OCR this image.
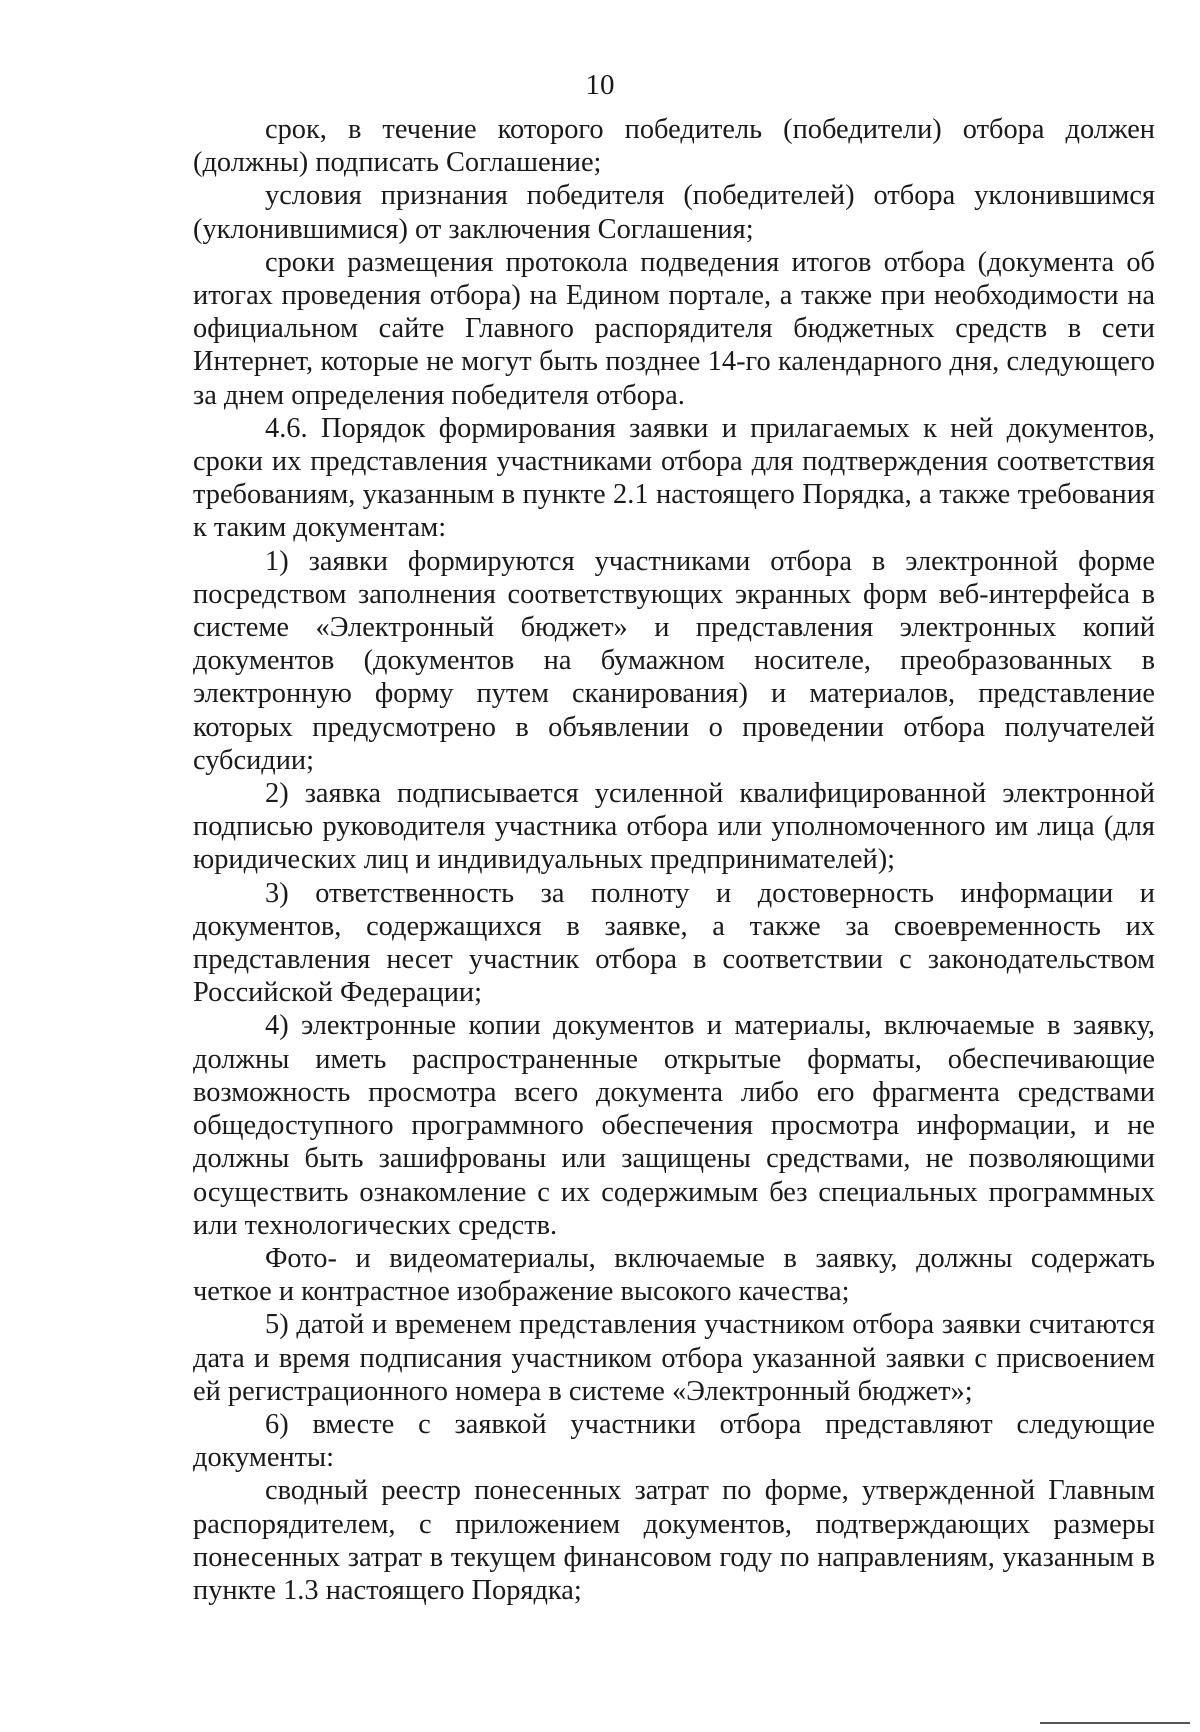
10

срок, в течение которого победитель (победители) отбора должен (должны) подписать Соглашение;

условия признания победителя (победителей) отбора уклонившимся (уклонившимися) от заключения Соглашения;

сроки размещения протокола подведения итогов отбора (документа об итогах проведения отбора) на Едином портале, а также при необходимости на официальном сайте Главного распорядителя бюджетных средств в сети Интернет, которые не могут быть позднее 14-го календарного дня, следующего за днем определения победителя отбора.

4.6. Порядок формирования заявки и прилагаемых к ней документов, сроки их представления участниками отбора для подтверждения соответствия требованиям, указанным в пункте 2.1 настоящего Порядка, а также требования к таким документам:

1) заявки формируются участниками отбора в электронной форме посредством заполнения соответствующих экранных форм веб-интерфейса в системе «Электронный бюджет» и представления электронных копий документов (документов на бумажном носителе, преобразованных в электронную форму путем сканирования) и материалов, представление которых предусмотрено в объявлении о проведении отбора получателей субсидии;

2) заявка подписывается усиленной квалифицированной электронной подписью руководителя участника отбора или уполномоченного им лица (для юридических лиц и индивидуальных предпринимателей);

3) ответственность за полноту и достоверность информации и документов, содержащихся в заявке, а также за своевременность их представления несет участник отбора в соответствии с законодательством Российской Федерации;

4) электронные копии документов и материалы, включаемые в заявку, должны иметь распространенные открытые форматы, обеспечивающие возможность просмотра всего документа либо его фрагмента средствами общедоступного программного обеспечения просмотра информации, и не должны быть зашифрованы или защищены средствами, не позволяющими осуществить ознакомление с их содержимым без специальных программных или технологических средств.

Фото- и видеоматериалы, включаемые в заявку, должны содержать четкое и контрастное изображение высокого качества;

5) датой и временем представления участником отбора заявки считаются дата и время подписания участником отбора указанной заявки с присвоением ей регистрационного номера в системе «Электронный бюджет»;

6) вместе с заявкой участники отбора представляют следующие документы:

сводный реестр понесенных затрат по форме, утвержденной Главным распорядителем, с приложением документов, подтверждающих размеры понесенных затрат в текущем финансовом году по направлениям, указанным в пункте 1.3 настоящего Порядка;
